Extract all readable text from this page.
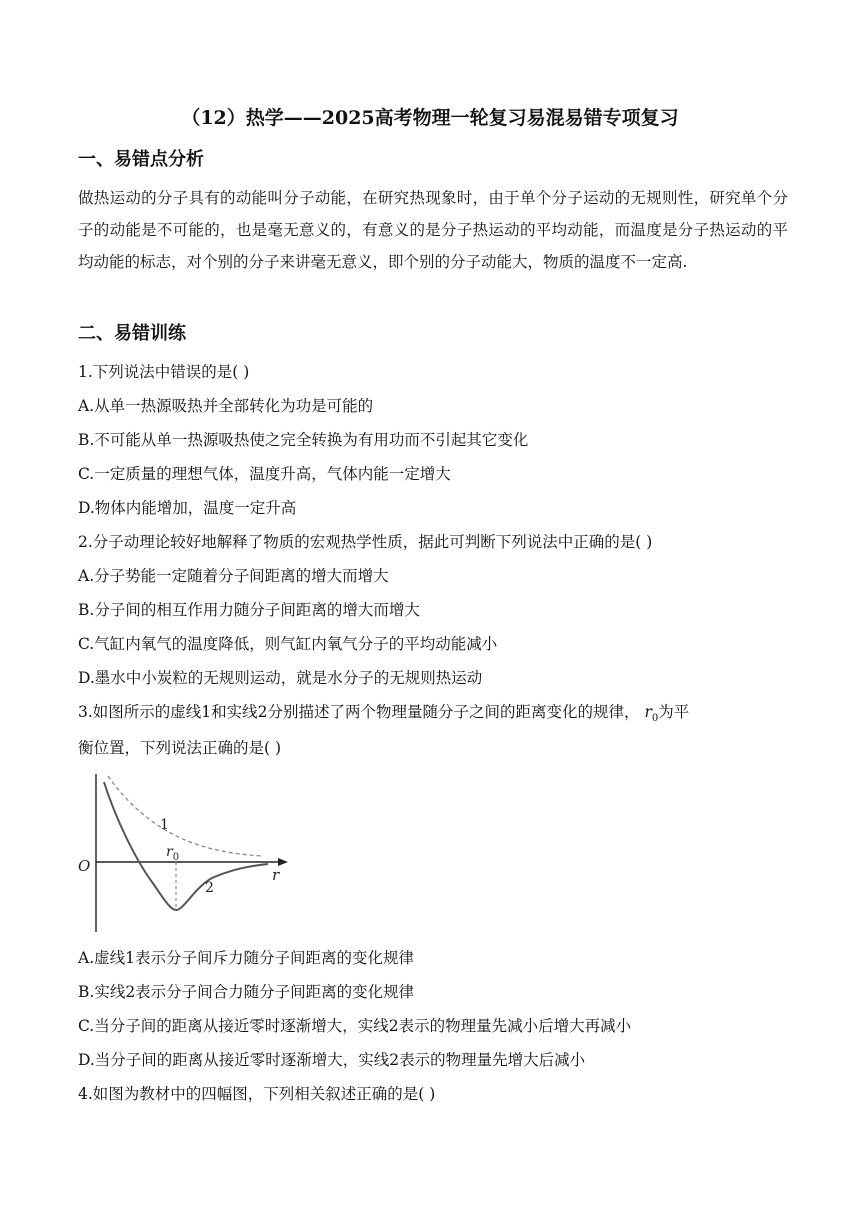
（12）热学——2025高考物理一轮复习易混易错专项复习
一、易错点分析
做热运动的分子具有的动能叫分子动能，在研究热现象时，由于单个分子运动的无规则性，研究单个分子的动能是不可能的，也是毫无意义的，有意义的是分子热运动的平均动能，而温度是分子热运动的平均动能的标志，对个别的分子来讲毫无意义，即个别的分子动能大，物质的温度不一定高.
二、易错训练
1.下列说法中错误的是( )
A.从单一热源吸热并全部转化为功是可能的
B.不可能从单一热源吸热使之完全转换为有用功而不引起其它变化
C.一定质量的理想气体，温度升高，气体内能一定增大
D.物体内能增加，温度一定升高
2.分子动理论较好地解释了物质的宏观热学性质，据此可判断下列说法中正确的是( )
A.分子势能一定随着分子间距离的增大而增大
B.分子间的相互作用力随分子间距离的增大而增大
C.气缸内氧气的温度降低，则气缸内氧气分子的平均动能减小
D.墨水中小炭粒的无规则运动，就是水分子的无规则热运动
3.如图所示的虚线1和实线2分别描述了两个物理量随分子之间的距离变化的规律， $r_0$为平
衡位置，下列说法正确的是( )
O	r
1
2
$r_0$
A.虚线1表示分子间斥力随分子间距离的变化规律
B.实线2表示分子间合力随分子间距离的变化规律
C.当分子间的距离从接近零时逐渐增大，实线2表示的物理量先减小后增大再减小
D.当分子间的距离从接近零时逐渐增大，实线2表示的物理量先增大后减小
4.如图为教材中的四幅图，下列相关叙述正确的是( )
